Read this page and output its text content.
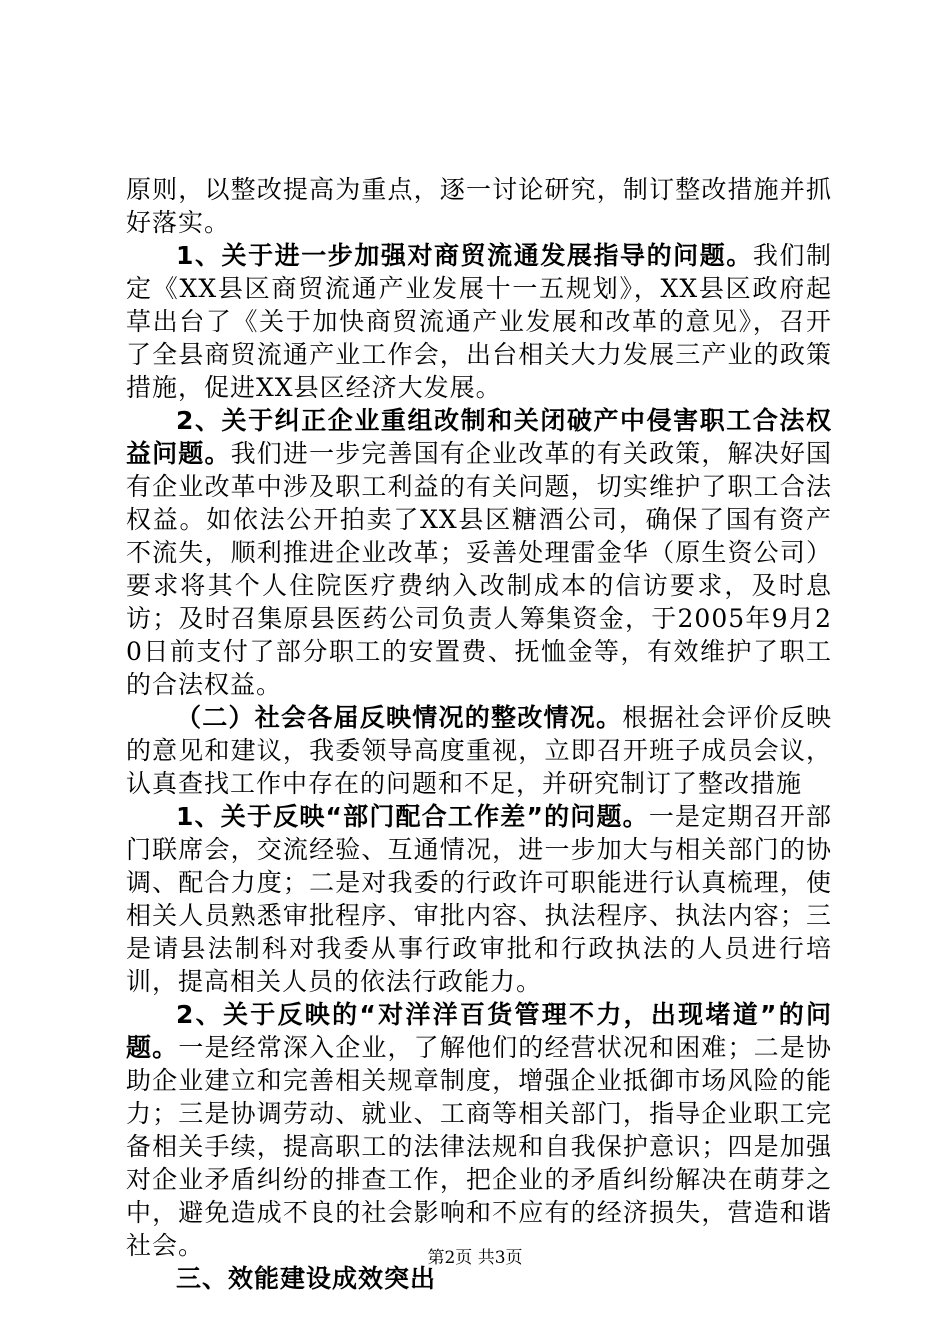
原则，以整改提高为重点，逐一讨论研究，制订整改措施并抓好落实。

1、关于进一步加强对商贸流通发展指导的问题。我们制定《XX县区商贸流通产业发展十一五规划》，XX县区政府起草出台了《关于加快商贸流通产业发展和改革的意见》，召开了全县商贸流通产业工作会，出台相关大力发展三产业的政策措施，促进XX县区经济大发展。

2、关于纠正企业重组改制和关闭破产中侵害职工合法权益问题。我们进一步完善国有企业改革的有关政策，解决好国有企业改革中涉及职工利益的有关问题，切实维护了职工合法权益。如依法公开拍卖了XX县区糖酒公司，确保了国有资产不流失，顺利推进企业改革；妥善处理雷金华（原生资公司）要求将其个人住院医疗费纳入改制成本的信访要求，及时息访；及时召集原县医药公司负责人筹集资金，于2005年9月20日前支付了部分职工的安置费、抚恤金等，有效维护了职工的合法权益。

（二）社会各届反映情况的整改情况。根据社会评价反映的意见和建议，我委领导高度重视，立即召开班子成员会议，认真查找工作中存在的问题和不足，并研究制订了整改措施

1、关于反映“部门配合工作差”的问题。一是定期召开部门联席会，交流经验、互通情况，进一步加大与相关部门的协调、配合力度；二是对我委的行政许可职能进行认真梳理，使相关人员熟悉审批程序、审批内容、执法程序、执法内容；三是请县法制科对我委从事行政审批和行政执法的人员进行培训，提高相关人员的依法行政能力。

2、关于反映的“对洋洋百货管理不力，出现堵道”的问题。一是经常深入企业，了解他们的经营状况和困难；二是协助企业建立和完善相关规章制度，增强企业抵御市场风险的能力；三是协调劳动、就业、工商等相关部门，指导企业职工完备相关手续，提高职工的法律法规和自我保护意识；四是加强对企业矛盾纠纷的排查工作，把企业的矛盾纠纷解决在萌芽之中，避免造成不良的社会影响和不应有的经济损失，营造和谐社会。

三、效能建设成效突出

第2页 共3页
